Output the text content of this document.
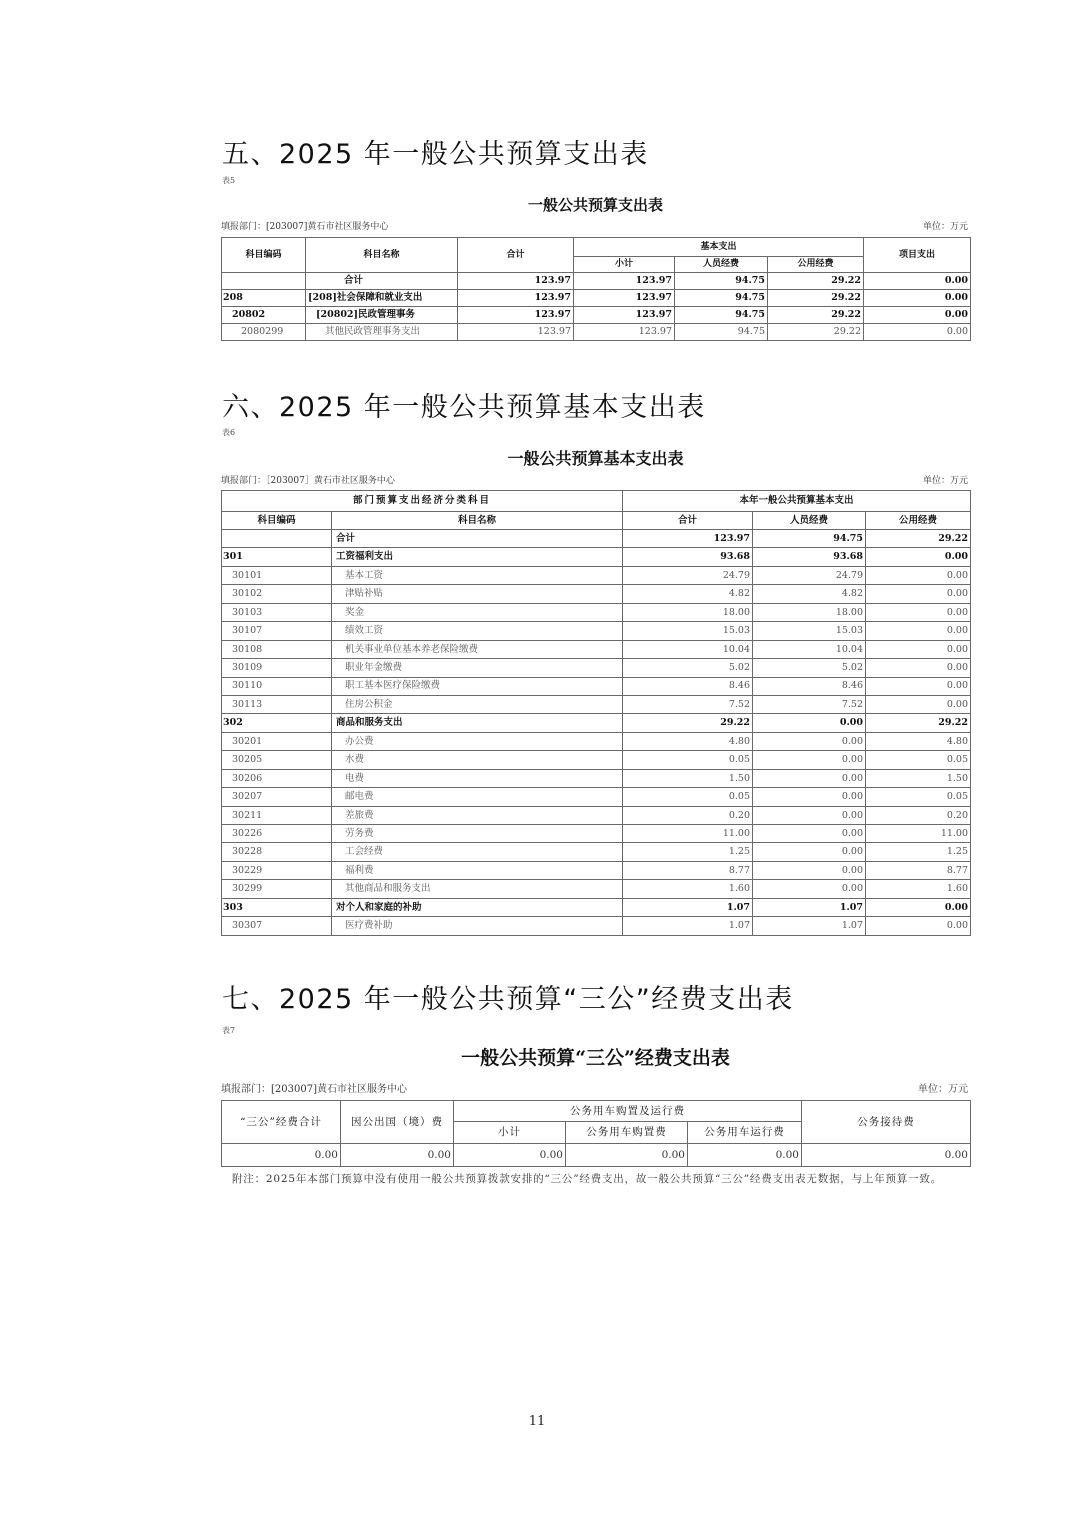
五、2025 年一般公共预算支出表
表5
一般公共预算支出表
填报部门：[203007]黄石市社区服务中心	单位：万元
科目编码	科目名称	合计	基本支出			项目支出
			小计	人员经费	公用经费	
	合计	123.97	123.97	94.75	29.22	0.00
208	[208]社会保障和就业支出	123.97	123.97	94.75	29.22	0.00
20802	[20802]民政管理事务	123.97	123.97	94.75	29.22	0.00
2080299	其他民政管理事务支出	123.97	123.97	94.75	29.22	0.00
六、2025 年一般公共预算基本支出表
表6
一般公共预算基本支出表
填报部门：［203007］黄石市社区服务中心	单位：万元
部门预算支出经济分类科目		本年一般公共预算基本支出		
科目编码	科目名称	合计	人员经费	公用经费
	合计	123.97	94.75	29.22
301	工资福利支出	93.68	93.68	0.00
30101	基本工资	24.79	24.79	0.00
30102	津贴补贴	4.82	4.82	0.00
30103	奖金	18.00	18.00	0.00
30107	绩效工资	15.03	15.03	0.00
30108	机关事业单位基本养老保险缴费	10.04	10.04	0.00
30109	职业年金缴费	5.02	5.02	0.00
30110	职工基本医疗保险缴费	8.46	8.46	0.00
30113	住房公积金	7.52	7.52	0.00
302	商品和服务支出	29.22	0.00	29.22
30201	办公费	4.80	0.00	4.80
30205	水费	0.05	0.00	0.05
30206	电费	1.50	0.00	1.50
30207	邮电费	0.05	0.00	0.05
30211	差旅费	0.20	0.00	0.20
30226	劳务费	11.00	0.00	11.00
30228	工会经费	1.25	0.00	1.25
30229	福利费	8.77	0.00	8.77
30299	其他商品和服务支出	1.60	0.00	1.60
303	对个人和家庭的补助	1.07	1.07	0.00
30307	医疗费补助	1.07	1.07	0.00
七、2025 年一般公共预算“三公”经费支出表
表7
一般公共预算“三公”经费支出表
填报部门：[203007]黄石市社区服务中心	单位：万元
“三公”经费合计	因公出国（境）费	公务用车购置及运行费			公务接待费
		小计	公务用车购置费	公务用车运行费	
0.00	0.00	0.00	0.00	0.00	0.00
附注：2025年本部门预算中没有使用一般公共预算拨款安排的“三公”经费支出，故一般公共预算“三公”经费支出表无数据，与上年预算一致。
11
